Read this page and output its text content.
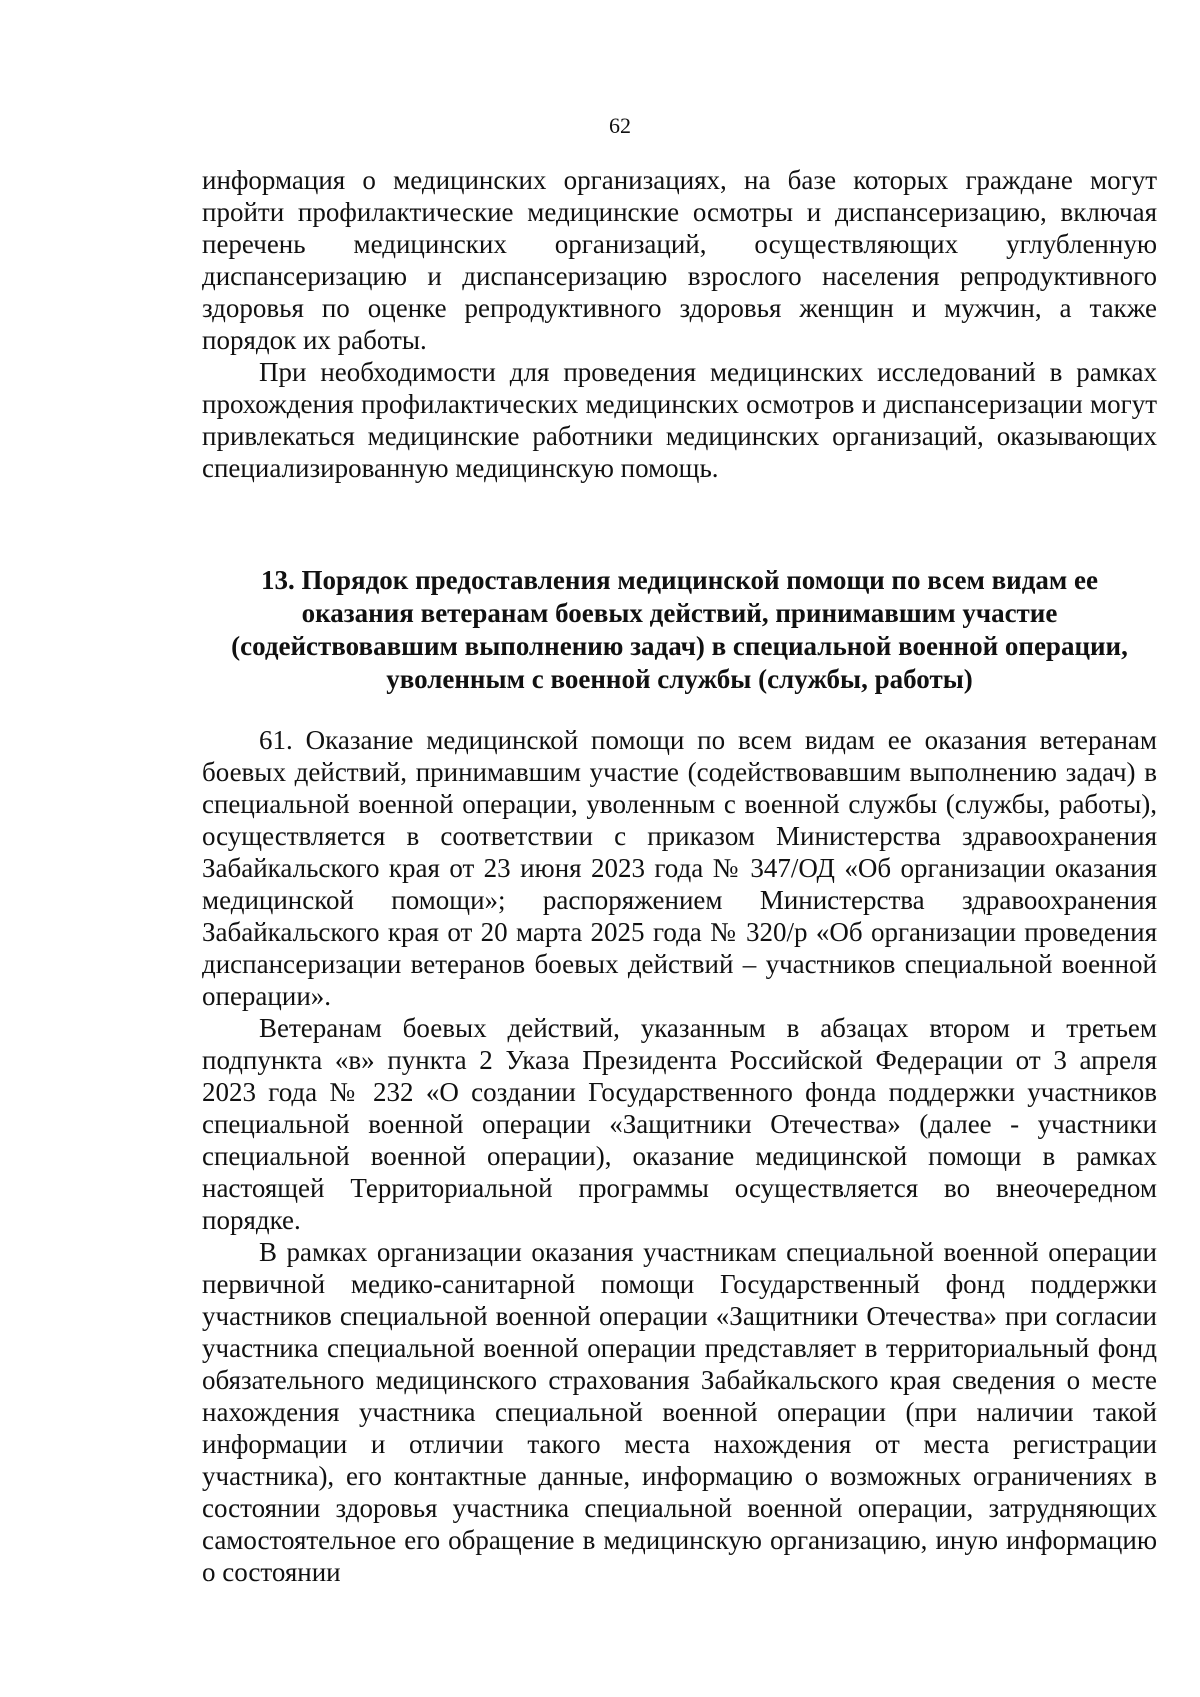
62

информация о медицинских организациях, на базе которых граждане могут пройти профилактические медицинские осмотры и диспансеризацию, включая перечень медицинских организаций, осуществляющих углубленную диспансеризацию и диспансеризацию взрослого населения репродуктивного здоровья по оценке репродуктивного здоровья женщин и мужчин, а также порядок их работы.

При необходимости для проведения медицинских исследований в рамках прохождения профилактических медицинских осмотров и диспансеризации могут привлекаться медицинские работники медицинских организаций, оказывающих специализированную медицинскую помощь.

13. Порядок предоставления медицинской помощи по всем видам ее
оказания ветеранам боевых действий, принимавшим участие
(содействовавшим выполнению задач) в специальной военной операции,
уволенным с военной службы (службы, работы)

61. Оказание медицинской помощи по всем видам ее оказания ветеранам боевых действий, принимавшим участие (содействовавшим выполнению задач) в специальной военной операции, уволенным с военной службы (службы, работы), осуществляется в соответствии с приказом Министерства здравоохранения Забайкальского края от 23 июня 2023 года № 347/ОД «Об организации оказания медицинской помощи»; распоряжением Министерства здравоохранения Забайкальского края от 20 марта 2025 года № 320/р «Об организации проведения диспансеризации ветеранов боевых действий – участников специальной военной операции».

Ветеранам боевых действий, указанным в абзацах втором и третьем подпункта «в» пункта 2 Указа Президента Российской Федерации от 3 апреля 2023 года № 232 «О создании Государственного фонда поддержки участников специальной военной операции «Защитники Отечества» (далее - участники специальной военной операции), оказание медицинской помощи в рамках настоящей Территориальной программы осуществляется во внеочередном порядке.

В рамках организации оказания участникам специальной военной операции первичной медико-санитарной помощи Государственный фонд поддержки участников специальной военной операции «Защитники Отечества» при согласии участника специальной военной операции представляет в территориальный фонд обязательного медицинского страхования Забайкальского края сведения о месте нахождения участника специальной военной операции (при наличии такой информации и отличии такого места нахождения от места регистрации участника), его контактные данные, информацию о возможных ограничениях в состоянии здоровья участника специальной военной операции, затрудняющих самостоятельное его обращение в медицинскую организацию, иную информацию о состоянии
